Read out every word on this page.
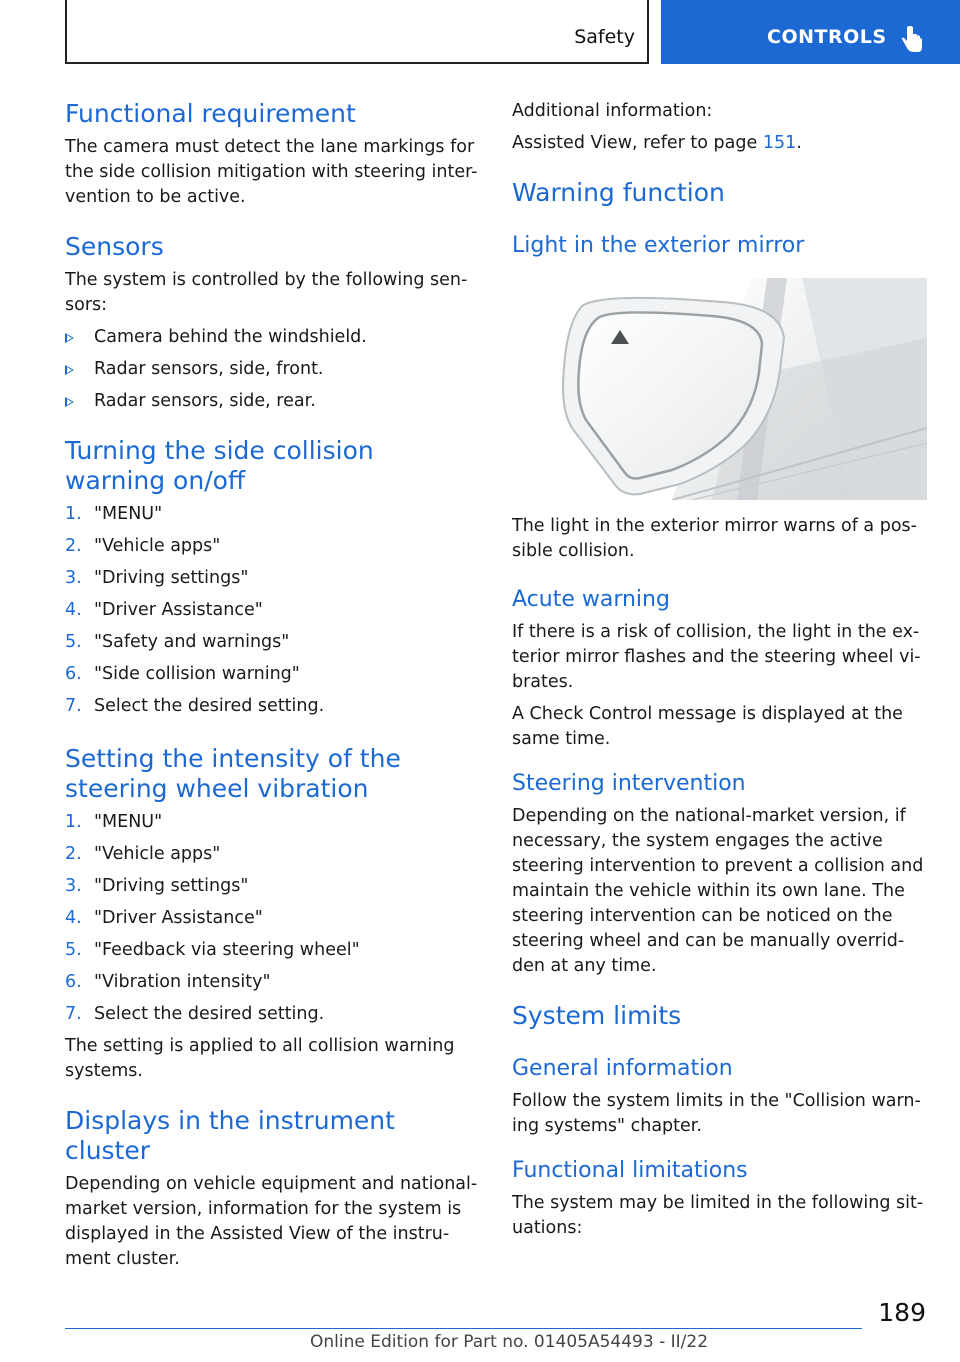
Safety	CONTROLS
Functional requirement

The camera must detect the lane markings for the side collision mitigation with steering inter-vention to be active.

Sensors

The system is controlled by the following sen-sors:

Camera behind the windshield.
Radar sensors, side, front.
Radar sensors, side, rear.
Turning the side collision warning on/off
1. "MENU"
2. "Vehicle apps"
3. "Driving settings"
4. "Driver Assistance"
5. "Safety and warnings"
6. "Side collision warning"
7. Select the desired setting.
Setting the intensity of the steering wheel vibration
1. "MENU"
2. "Vehicle apps"
3. "Driving settings"
4. "Driver Assistance"
5. "Feedback via steering wheel"
6. "Vibration intensity"
7. Select the desired setting.

The setting is applied to all collision warning systems.

Displays in the instrument cluster

Depending on vehicle equipment and national-market version, information for the system is displayed in the Assisted View of the instru-ment cluster.

Additional information:

Assisted View, refer to page 151.

Warning function
Light in the exterior mirror

The light in the exterior mirror warns of a pos-sible collision.

Acute warning

If there is a risk of collision, the light in the ex-terior mirror flashes and the steering wheel vi-brates.

A Check Control message is displayed at the same time.

Steering intervention

Depending on the national-market version, if necessary, the system engages the active steering intervention to prevent a collision and maintain the vehicle within its own lane. The steering intervention can be noticed on the steering wheel and can be manually overrid-den at any time.

System limits
General information

Follow the system limits in the "Collision warn-ing systems" chapter.

Functional limitations

The system may be limited in the following sit-uations:

189
Online Edition for Part no. 01405A54493 - II/22
